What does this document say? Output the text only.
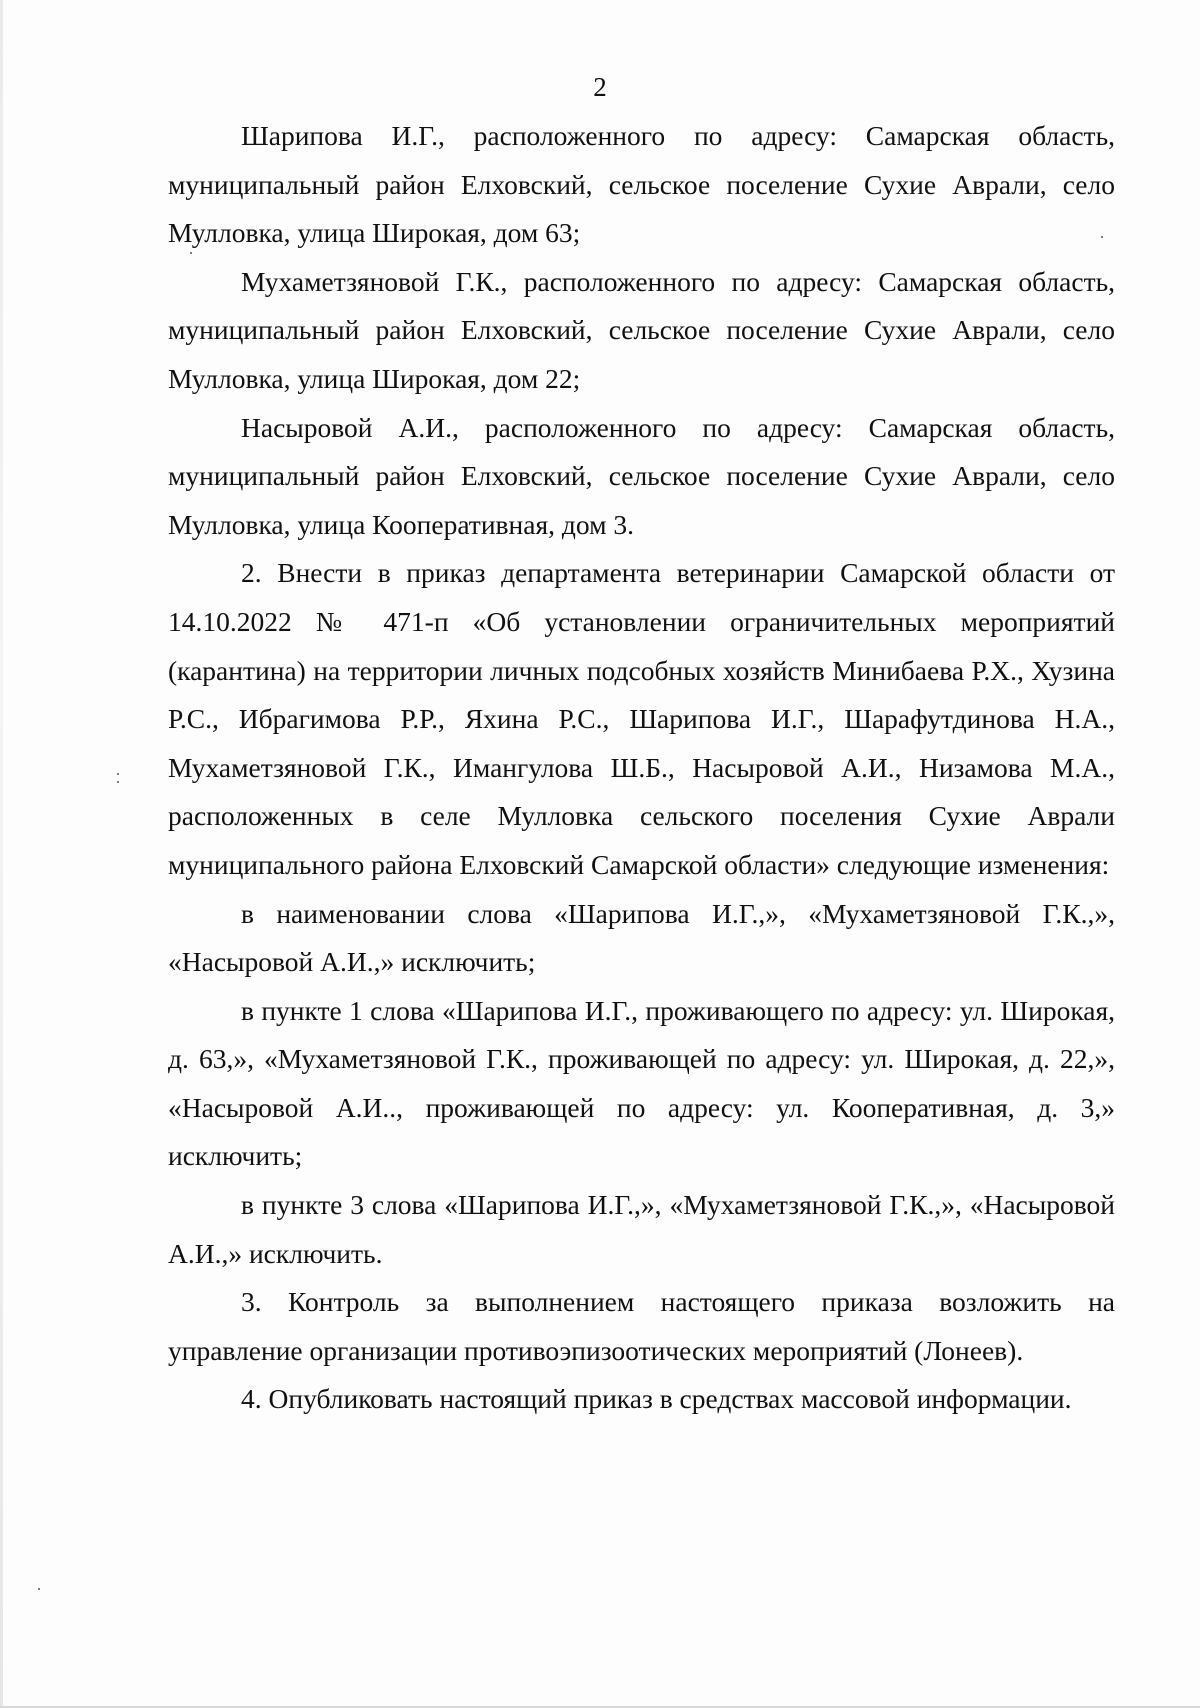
2

Шарипова И.Г., расположенного по адресу: Самарская область, муниципальный район Елховский, сельское поселение Сухие Аврали, село Мулловка, улица Широкая, дом 63;

Мухаметзяновой Г.К., расположенного по адресу: Самарская область, муниципальный район Елховский, сельское поселение Сухие Аврали, село Мулловка, улица Широкая, дом 22;

Насыровой А.И., расположенного по адресу: Самарская область, муниципальный район Елховский, сельское поселение Сухие Аврали, село Мулловка, улица Кооперативная, дом 3.

2. Внести в приказ департамента ветеринарии Самарской области от 14.10.2022 № 471-п «Об установлении ограничительных мероприятий (карантина) на территории личных подсобных хозяйств Минибаева Р.Х., Хузина Р.С., Ибрагимова Р.Р., Яхина Р.С., Шарипова И.Г., Шарафутдинова Н.А., Мухаметзяновой Г.К., Имангулова Ш.Б., Насыровой А.И., Низамова М.А., расположенных в селе Мулловка сельского поселения Сухие Аврали муниципального района Елховский Самарской области» следующие изменения:

в наименовании слова «Шарипова И.Г.,», «Мухаметзяновой Г.К.,», «Насыровой А.И.,» исключить;

в пункте 1 слова «Шарипова И.Г., проживающего по адресу: ул. Широкая, д. 63,», «Мухаметзяновой Г.К., проживающей по адресу: ул. Широкая, д. 22,», «Насыровой А.И.., проживающей по адресу: ул. Кооперативная, д. 3,» исключить;

в пункте 3 слова «Шарипова И.Г.,», «Мухаметзяновой Г.К.,», «Насыровой А.И.,» исключить.

3. Контроль за выполнением настоящего приказа возложить на управление организации противоэпизоотических мероприятий (Лонеев).

4. Опубликовать настоящий приказ в средствах массовой информации.
